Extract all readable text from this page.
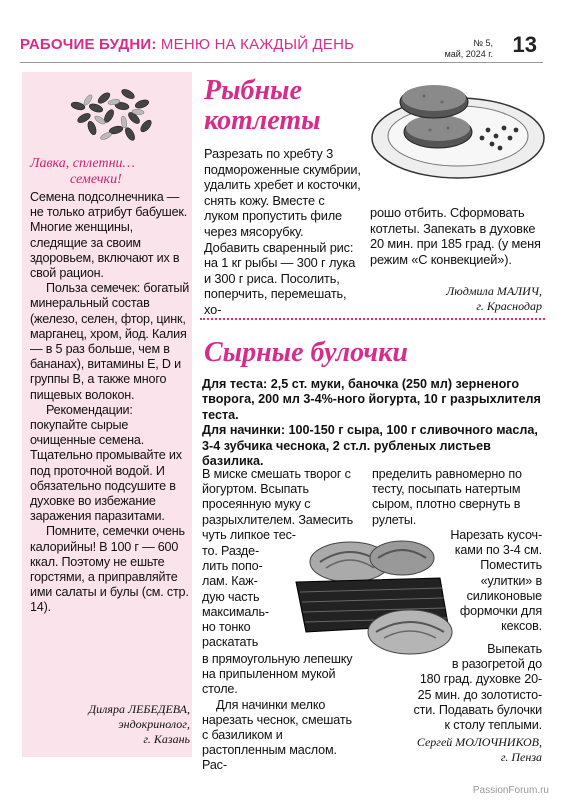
РАБОЧИЕ БУДНИ: МЕНЮ НА КАЖДЫЙ ДЕНЬ	№ 5,
май, 2024 г. 13
Лавка, сплетни…
семечки!

Семена подсолнечника — не только атрибут бабушек. Многие женщины, следящие за своим здоровьем, включают их в свой рацион.

Польза семечек: богатый минеральный состав (железо, селен, фтор, цинк, марганец, хром, йод. Калия — в 5 раз больше, чем в бананах), витамины E, D и группы B, а также много пищевых волокон.

Рекомендации: покупайте сырые очищенные семена. Тщательно промывайте их под проточной водой. И обязательно подсушите в духовке во избежание заражения паразитами.

Помните, семечки очень калорийны! В 100 г — 600 ккал. Поэтому не ешьте горстями, а приправляйте ими салаты и булы (см. стр. 14).

Диляра ЛЕБЕДЕВА,
эндокринолог,
г. Казань
Рыбные
котлеты

Разрезать по хребту 3 подмороженные скумбрии, удалить хребет и косточки, снять кожу. Вместе с луком пропустить филе через мясорубку. Добавить сваренный рис: на 1 кг рыбы — 300 г лука и 300 г риса. Посолить, поперчить, перемешать, хо-

рошо отбить. Сформовать котлеты. Запекать в духовке 20 мин. при 185 град. (у меня режим «С конвекцией»).

Людмила МАЛИЧ,
г. Краснодар
Сырные булочки

Для теста: 2,5 ст. муки, баночка (250 мл) зерненого творога, 200 мл 3-4%-ного йогурта, 10 г разрыхлителя теста.

Для начинки: 100-150 г сыра, 100 г сливочного масла, 3-4 зубчика чеснока, 2 ст.л. рубленых листьев базилика.

В миске смешать творог с йогуртом. Всыпать просеянную муку с разрыхлителем. Замесить чуть липкое тес-

то. Разде-

лить попо-

лам. Каж-

дую часть

максималь-

но тонко

раскатать

в прямоугольную лепешку на припыленном мукой столе.

Для начинки мелко нарезать чеснок, смешать с базиликом и растопленным маслом. Рас-

пределить равномерно по тесту, посыпать натертым сыром, плотно свернуть в рулеты.

Нарезать кусоч-

ками по 3-4 см.

Поместить

«улитки» в

силиконовые

формочки для

кексов.

Выпекать

в разогретой до

180 град. духовке 20-

25 мин. до золотисто-

сти. Подавать булочки

к столу теплыми.

Сергей МОЛОЧНИКОВ,
г. Пенза
PassionForum.ru
